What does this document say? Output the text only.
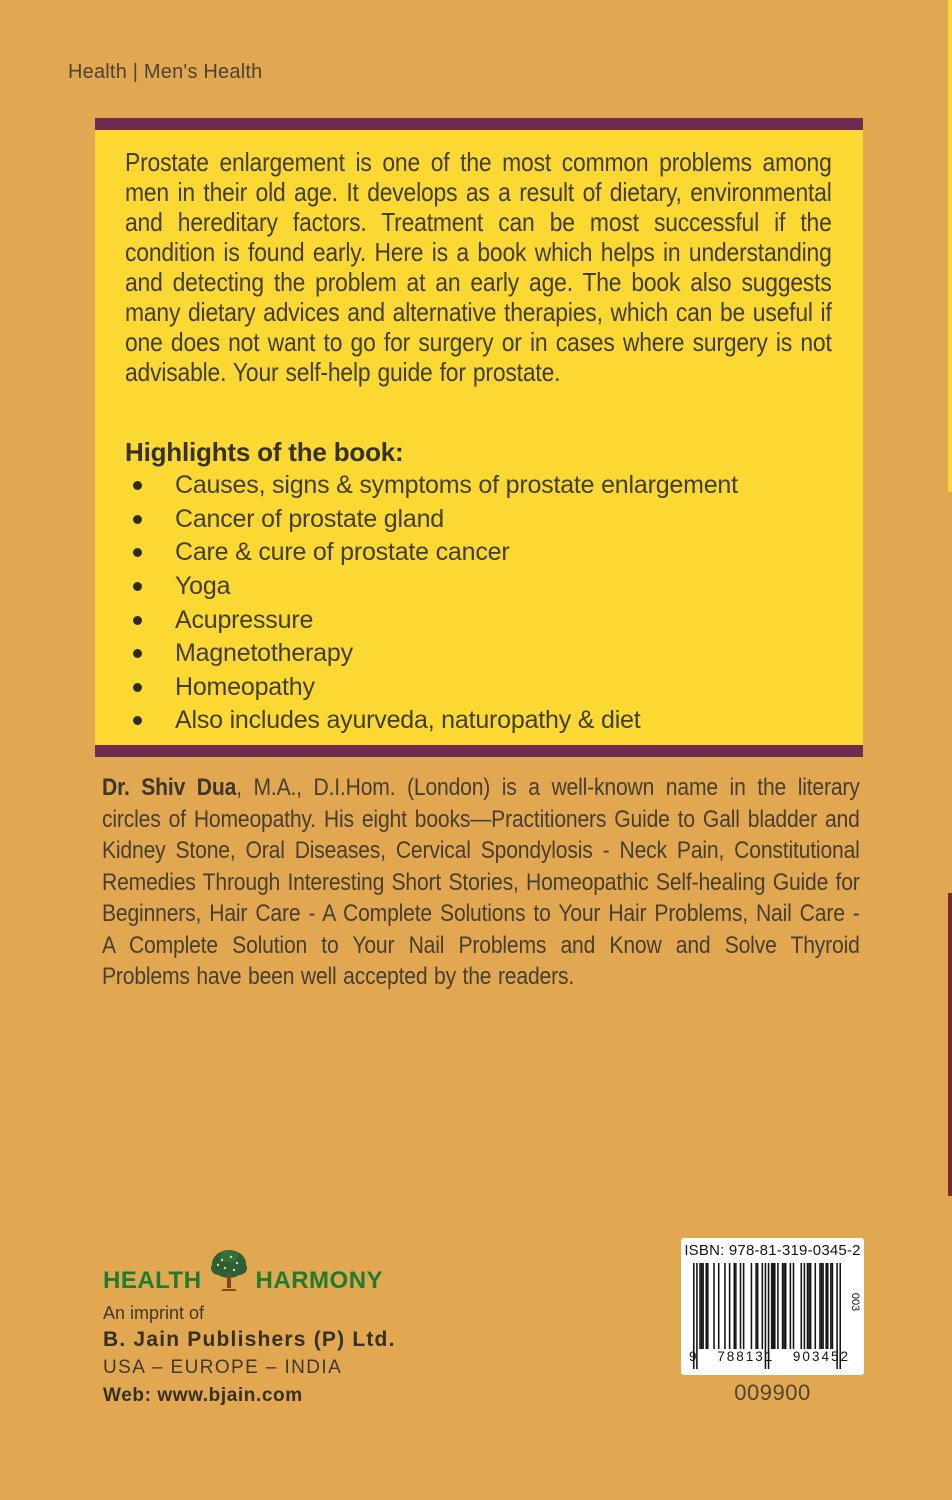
Health | Men's Health

Prostate enlargement is one of the most common problems among men in their old age. It develops as a result of dietary, environmental and hereditary factors. Treatment can be most successful if the condition is found early. Here is a book which helps in understanding and detecting the problem at an early age. The book also suggests many dietary advices and alternative therapies, which can be useful if one does not want to go for surgery or in cases where surgery is not advisable. Your self-help guide for prostate.

Highlights of the book:
Causes, signs & symptoms of prostate enlargement
Cancer of prostate gland
Care & cure of prostate cancer
Yoga
Acupressure
Magnetotherapy
Homeopathy
Also includes ayurveda, naturopathy & diet

Dr. Shiv Dua, M.A., D.I.Hom. (London) is a well-known name in the literary circles of Homeopathy. His eight books—Practitioners Guide to Gall bladder and Kidney Stone, Oral Diseases, Cervical Spondylosis - Neck Pain, Constitutional Remedies Through Interesting Short Stories, Homeopathic Self-healing Guide for Beginners, Hair Care - A Complete Solutions to Your Hair Problems, Nail Care - A Complete Solution to Your Nail Problems and Know and Solve Thyroid Problems have been well accepted by the readers.

HEALTH HARMONY
An imprint of
B. Jain Publishers (P) Ltd.
USA – EUROPE – INDIA
Web: www.bjain.com
ISBN: 978-81-319-0345-2
9 788131 903452
003
009900
